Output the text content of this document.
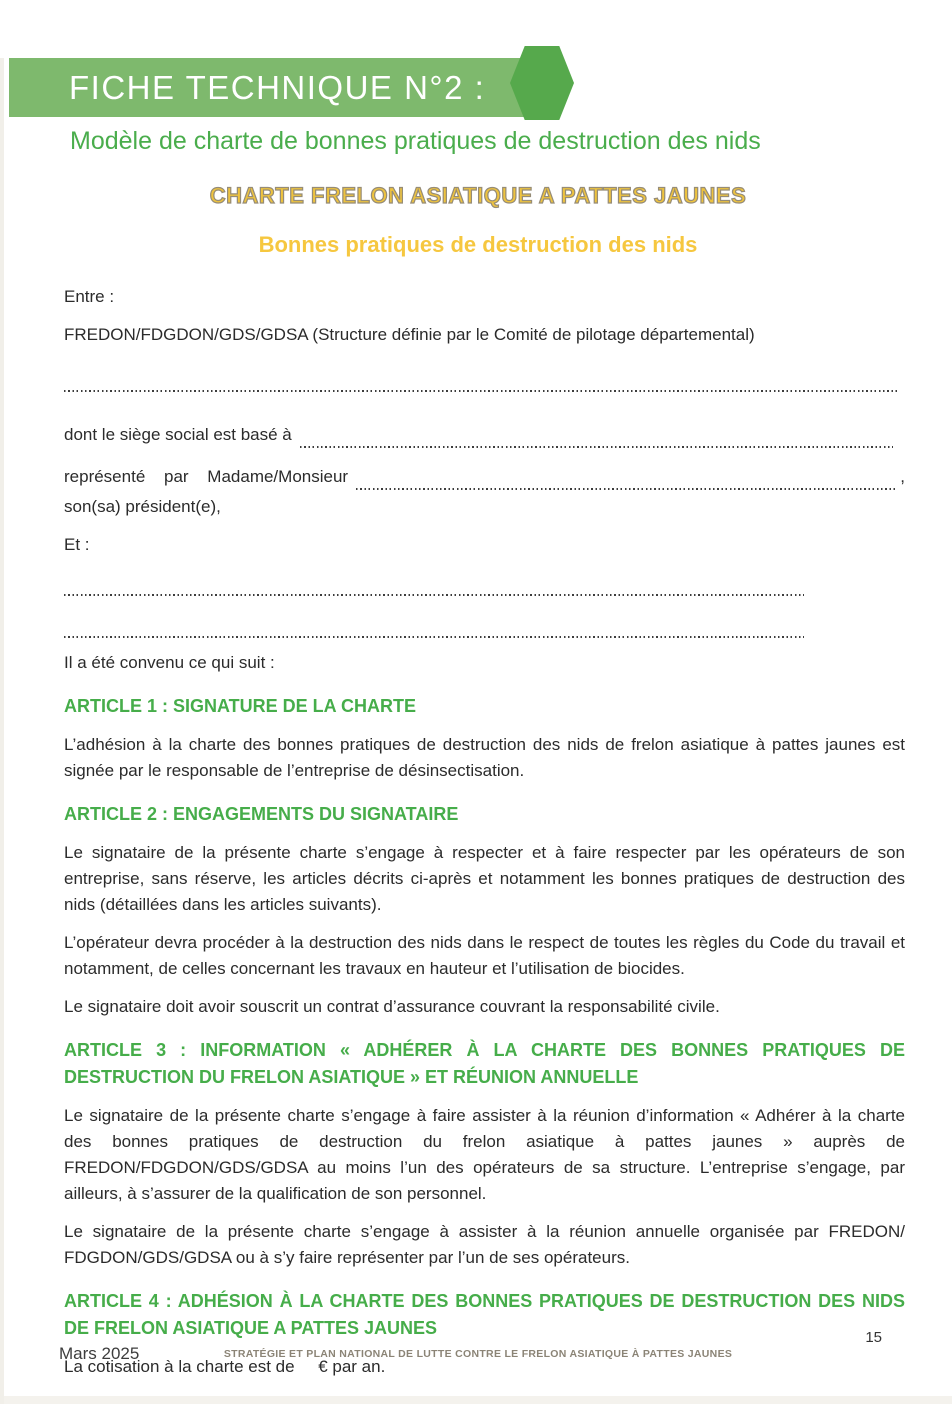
FICHE TECHNIQUE N°2 :
Modèle de charte de bonnes pratiques de destruction des nids
CHARTE FRELON ASIATIQUE A PATTES JAUNES
Bonnes pratiques de destruction des nids

Entre :

FREDON/FDGDON/GDS/GDSA (Structure définie par le Comité de pilotage départemental)

dont le siège social est basé à
représenté par Madame/Monsieur	,

son(sa) président(e),

Et :

Il a été convenu ce qui suit :

ARTICLE 1 : SIGNATURE DE LA CHARTE

L’adhésion à la charte des bonnes pratiques de destruction des nids de frelon asiatique à pattes jaunes est signée par le responsable de l’entreprise de désinsectisation.

ARTICLE 2 : ENGAGEMENTS DU SIGNATAIRE

Le signataire de la présente charte s’engage à respecter et à faire respecter par les opérateurs de son entreprise, sans réserve, les articles décrits ci-après et notamment les bonnes pratiques de destruction des nids (détaillées dans les articles suivants).

L’opérateur devra procéder à la destruction des nids dans le respect de toutes les règles du Code du travail et notamment, de celles concernant les travaux en hauteur et l’utilisation de biocides.

Le signataire doit avoir souscrit un contrat d’assurance couvrant la responsabilité civile.

ARTICLE 3 : INFORMATION « ADHÉRER À LA CHARTE DES BONNES PRATIQUES DE DESTRUCTION DU FRELON ASIATIQUE » ET RÉUNION ANNUELLE

Le signataire de la présente charte s’engage à faire assister à la réunion d’information « Adhérer à la charte des bonnes pratiques de destruction du frelon asiatique à pattes jaunes » auprès de FREDON/FDGDON/GDS/GDSA au moins l’un des opérateurs de sa structure. L’entreprise s’engage, par ailleurs, à s’assurer de la qualification de son personnel.

Le signataire de la présente charte s’engage à assister à la réunion annuelle organisée par FREDON/​FDGDON/GDS/GDSA ou à s’y faire représenter par l’un de ses opérateurs.

ARTICLE 4 : ADHÉSION À LA CHARTE DES BONNES PRATIQUES DE DESTRUCTION DES NIDS DE FRELON ASIATIQUE A PATTES JAUNES

La cotisation à la charte est de     € par an.

Mars 2025	STRATÉGIE ET PLAN NATIONAL DE LUTTE CONTRE LE FRELON ASIATIQUE À PATTES JAUNES
15
